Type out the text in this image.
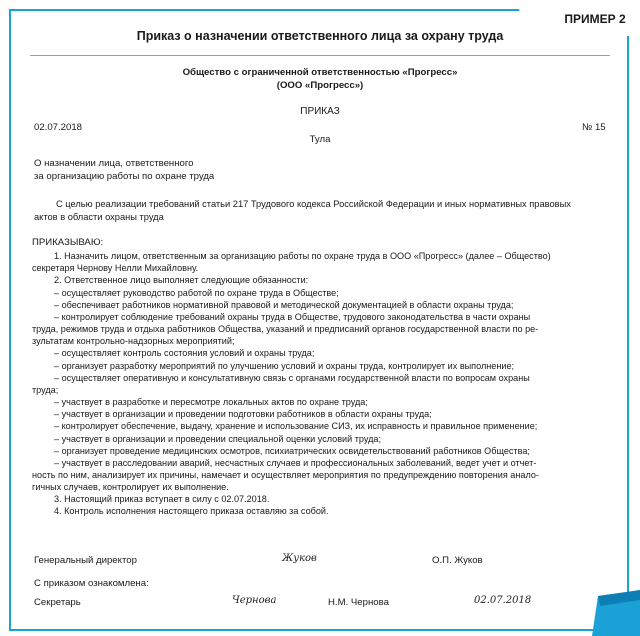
ПРИМЕР 2
Приказ о назначении ответственного лица за охрану труда
Общество с ограниченной ответственностью «Прогресс»
(ООО «Прогресс»)
ПРИКАЗ
02.07.2018	№ 15
Тула
О назначении лица, ответственного
за организацию работы по охране труда
С целью реализации требований статьи 217 Трудового кодекса Российской Федерации и иных нормативных правовых
актов в области охраны труда
ПРИКАЗЫВАЮ:
1. Назначить лицом, ответственным за организацию работы по охране труда в ООО «Прогресс» (далее – Общество)
секретаря Чернову Нелли Михайловну.
2. Ответственное лицо выполняет следующие обязанности:
– осуществляет руководство работой по охране труда в Обществе;
– обеспечивает работников нормативной правовой и методической документацией в области охраны труда;
– контролирует соблюдение требований охраны труда в Обществе, трудового законодательства в части охраны
труда, режимов труда и отдыха работников Общества, указаний и предписаний органов государственной власти по ре-
зультатам контрольно-надзорных мероприятий;
– осуществляет контроль состояния условий и охраны труда;
– организует разработку мероприятий по улучшению условий и охраны труда, контролирует их выполнение;
– осуществляет оперативную и консультативную связь с органами государственной власти по вопросам охраны
труда;
– участвует в разработке и пересмотре локальных актов по охране труда;
– участвует в организации и проведении подготовки работников в области охраны труда;
– контролирует обеспечение, выдачу, хранение и использование СИЗ, их исправность и правильное применение;
– участвует в организации и проведении специальной оценки условий труда;
– организует проведение медицинских осмотров, психиатрических освидетельствований работников Общества;
– участвует в расследовании аварий, несчастных случаев и профессиональных заболеваний, ведет учет и отчет-
ность по ним, анализирует их причины, намечает и осуществляет мероприятия по предупреждению повторения анало-
гичных случаев, контролирует их выполнение.
3. Настоящий приказ вступает в силу с 02.07.2018.
4. Контроль исполнения настоящего приказа оставляю за собой.
Генеральный директор	Жуков	О.П. Жуков
С приказом ознакомлена:
Секретарь	Чернова	Н.М. Чернова	02.07.2018
